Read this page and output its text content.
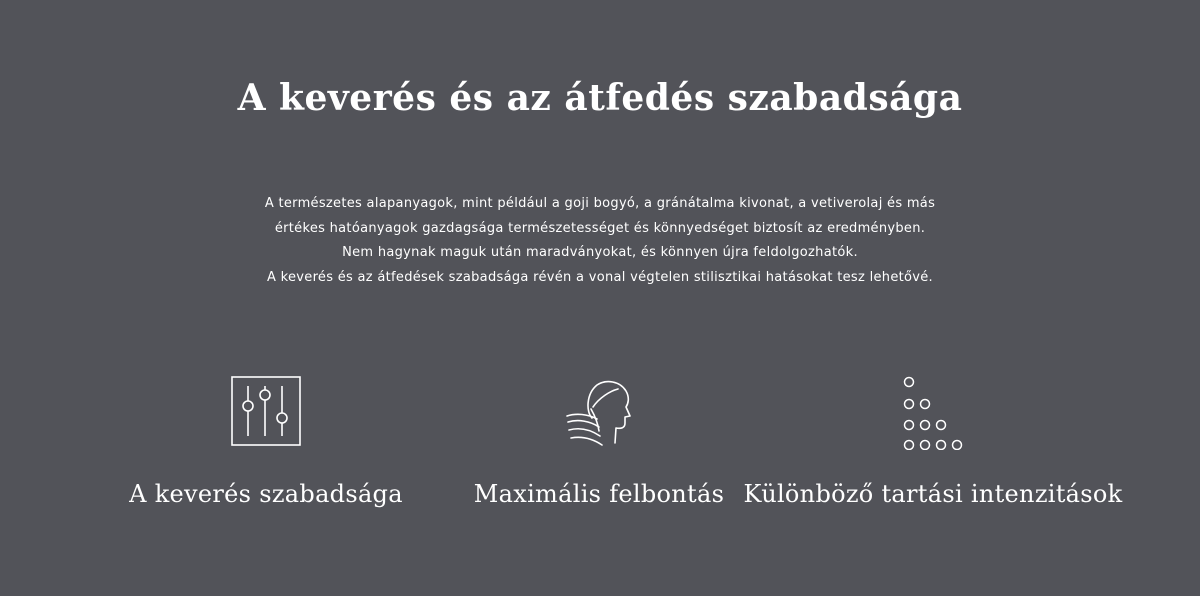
A keverés és az átfedés szabadsága
A természetes alapanyagok, mint például a goji bogyó, a gránátalma kivonat, a vetiverolaj és más
értékes hatóanyagok gazdagsága természetességet és könnyedséget biztosít az eredményben.
Nem hagynak maguk után maradványokat, és könnyen újra feldolgozhatók.
A keverés és az átfedések szabadsága révén a vonal végtelen stilisztikai hatásokat tesz lehetővé.
A keverés szabadsága	Maximális felbontás Különböző tartási intenzitások
